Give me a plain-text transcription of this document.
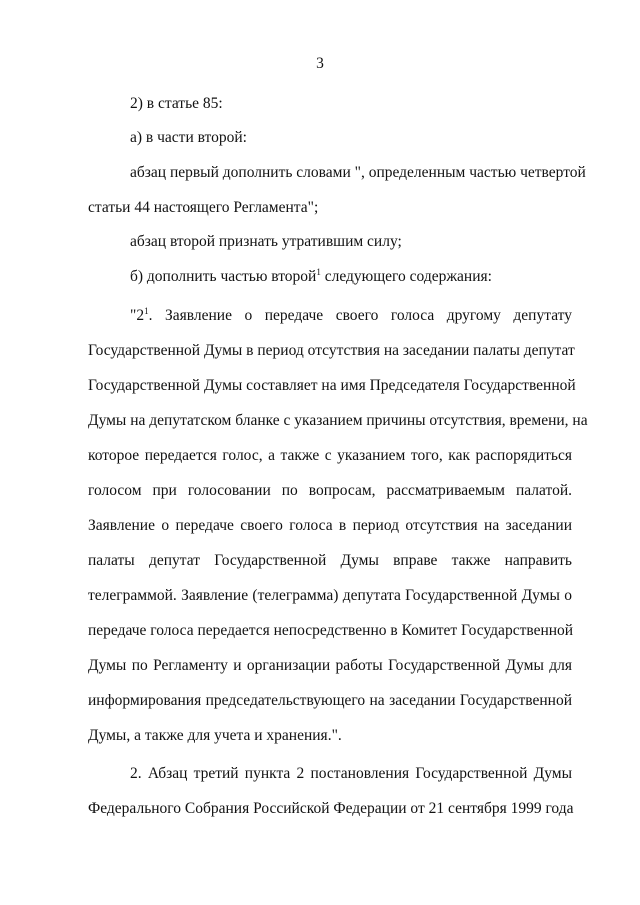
3

2) в статье 85:

а) в части второй:

абзац первый дополнить словами ", определенным частью четвертой

статьи 44 настоящего Регламента";

абзац второй признать утратившим силу;

б) дополнить частью второй$^1$ следующего содержания:

"$2^1$. Заявление о передаче своего голоса другому депутату

Государственной Думы в период отсутствия на заседании палаты депутат

Государственной Думы составляет на имя Председателя Государственной

Думы на депутатском бланке с указанием причины отсутствия, времени, на

которое передается голос, а также с указанием того, как распорядиться

голосом при голосовании по вопросам, рассматриваемым палатой.

Заявление о передаче своего голоса в период отсутствия на заседании

палаты депутат Государственной Думы вправе также направить

телеграммой. Заявление (телеграмма) депутата Государственной Думы о

передаче голоса передается непосредственно в Комитет Государственной

Думы по Регламенту и организации работы Государственной Думы для

информирования председательствующего на заседании Государственной

Думы, а также для учета и хранения.".

2. Абзац третий пункта 2 постановления Государственной Думы

Федерального Собрания Российской Федерации от 21 сентября 1999 года
